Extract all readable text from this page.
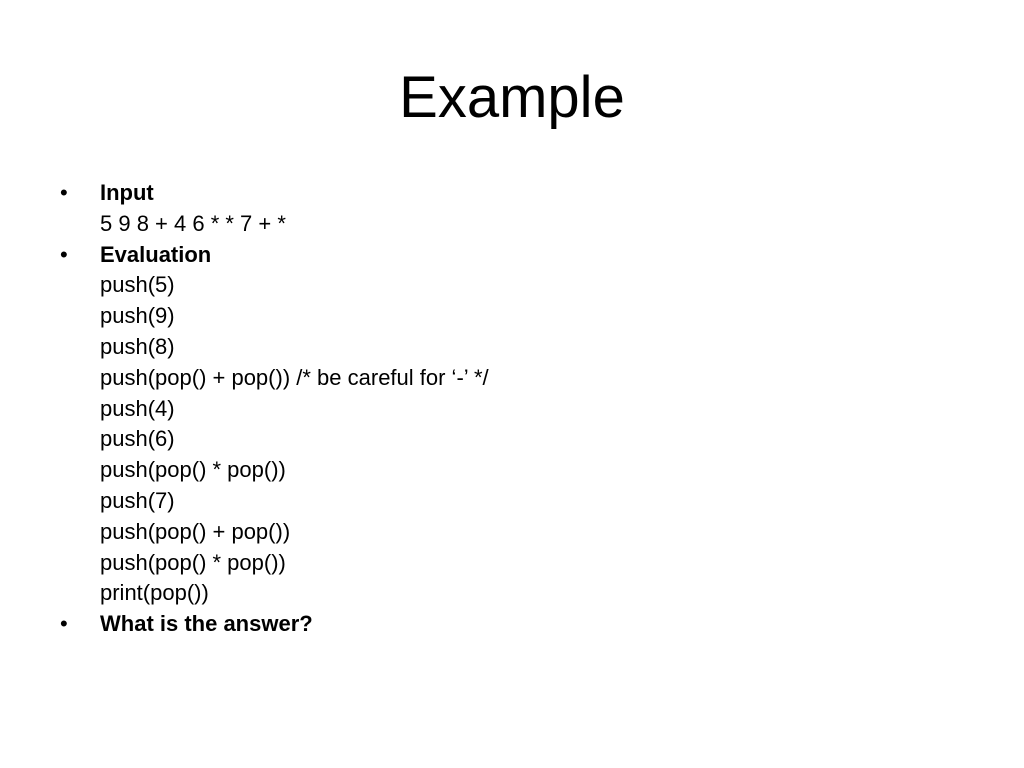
Example
• Input
5 9 8 + 4 6 * * 7 + *
• Evaluation
push(5)
push(9)
push(8)
push(pop() + pop()) /* be careful for ‘-’ */
push(4)
push(6)
push(pop() * pop())
push(7)
push(pop() + pop())
push(pop() * pop())
print(pop())
• What is the answer?
